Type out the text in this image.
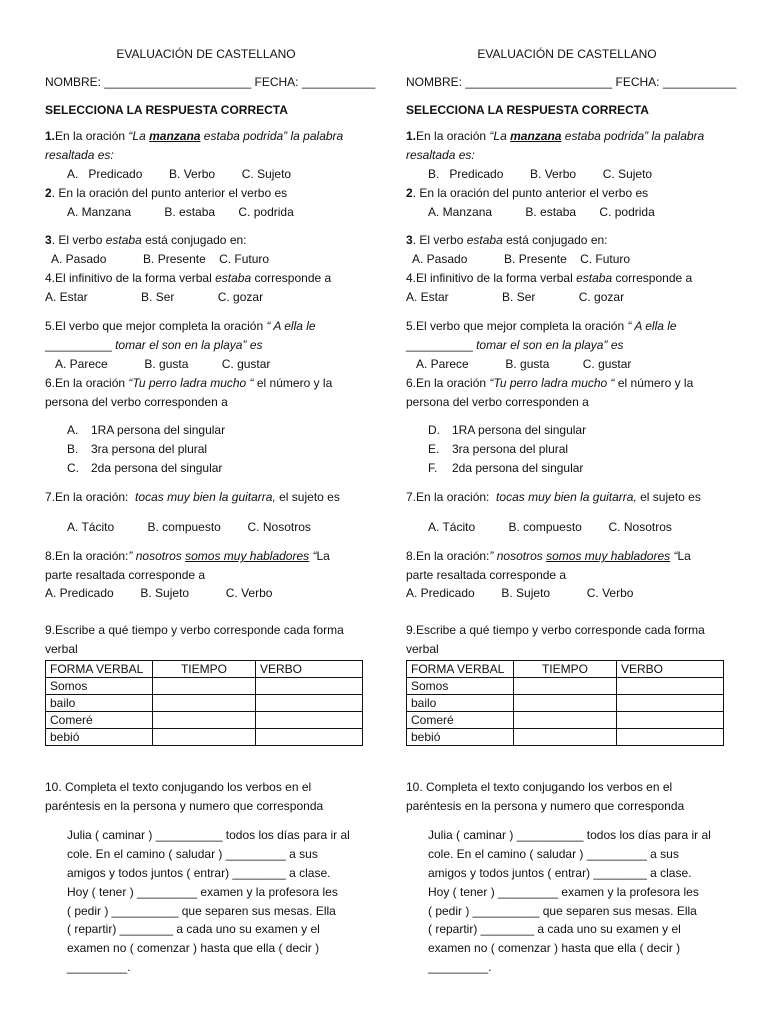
EVALUACIÓN DE CASTELLANO
NOMBRE: ______________________ FECHA: ___________
SELECCIONA LA RESPUESTA CORRECTA
1.En la oración “La manzana estaba podrida” la palabra
resaltada es:
A.   Predicado        B. Verbo        C. Sujeto
2. En la oración del punto anterior el verbo es
A. Manzana          B. estaba       C. podrida
3. El verbo estaba está conjugado en:
A. Pasado           B. Presente    C. Futuro
4.El infinitivo de la forma verbal estaba corresponde a
A. Estar                B. Ser             C. gozar
5.El verbo que mejor completa la oración “ A ella le
__________ tomar el son en la playa” es
A. Parece           B. gusta          C. gustar
6.En la oración “Tu perro ladra mucho “ el número y la
persona del verbo corresponden a
A. 1RA persona del singular
B. 3ra persona del plural
C. 2da persona del singular
7.En la oración:  tocas muy bien la guitarra, el sujeto es
A. Tácito          B. compuesto        C. Nosotros
8.En la oración:” nosotros somos muy habladores “La
parte resaltada corresponde a
A. Predicado        B. Sujeto           C. Verbo
9.Escribe a qué tiempo y verbo corresponde cada forma
verbal
FORMA VERBAL	TIEMPO	VERBO
Somos		
bailo		
Comeré		
bebió		
10. Completa el texto conjugando los verbos en el
paréntesis en la persona y numero que corresponda
Julia ( caminar ) __________ todos los días para ir al
cole. En el camino ( saludar ) _________ a sus
amigos y todos juntos ( entrar) ________ a clase.
Hoy ( tener ) _________ examen y la profesora les
( pedir ) __________ que separen sus mesas. Ella
( repartir) ________ a cada uno su examen y el
examen no ( comenzar ) hasta que ella ( decir )
_________.
EVALUACIÓN DE CASTELLANO
NOMBRE: ______________________ FECHA: ___________
SELECCIONA LA RESPUESTA CORRECTA
1.En la oración “La manzana estaba podrida” la palabra
resaltada es:
B.   Predicado        B. Verbo        C. Sujeto
2. En la oración del punto anterior el verbo es
A. Manzana          B. estaba       C. podrida
3. El verbo estaba está conjugado en:
A. Pasado           B. Presente    C. Futuro
4.El infinitivo de la forma verbal estaba corresponde a
A. Estar                B. Ser             C. gozar
5.El verbo que mejor completa la oración “ A ella le
__________ tomar el son en la playa” es
A. Parece           B. gusta          C. gustar
6.En la oración “Tu perro ladra mucho “ el número y la
persona del verbo corresponden a
D. 1RA persona del singular
E. 3ra persona del plural
F. 2da persona del singular
7.En la oración:  tocas muy bien la guitarra, el sujeto es
A. Tácito          B. compuesto        C. Nosotros
8.En la oración:” nosotros somos muy habladores “La
parte resaltada corresponde a
A. Predicado        B. Sujeto           C. Verbo
9.Escribe a qué tiempo y verbo corresponde cada forma
verbal
FORMA VERBAL	TIEMPO	VERBO
Somos		
bailo		
Comeré		
bebió		
10. Completa el texto conjugando los verbos en el
paréntesis en la persona y numero que corresponda
Julia ( caminar ) __________ todos los días para ir al
cole. En el camino ( saludar ) _________ a sus
amigos y todos juntos ( entrar) ________ a clase.
Hoy ( tener ) _________ examen y la profesora les
( pedir ) __________ que separen sus mesas. Ella
( repartir) ________ a cada uno su examen y el
examen no ( comenzar ) hasta que ella ( decir )
_________.
